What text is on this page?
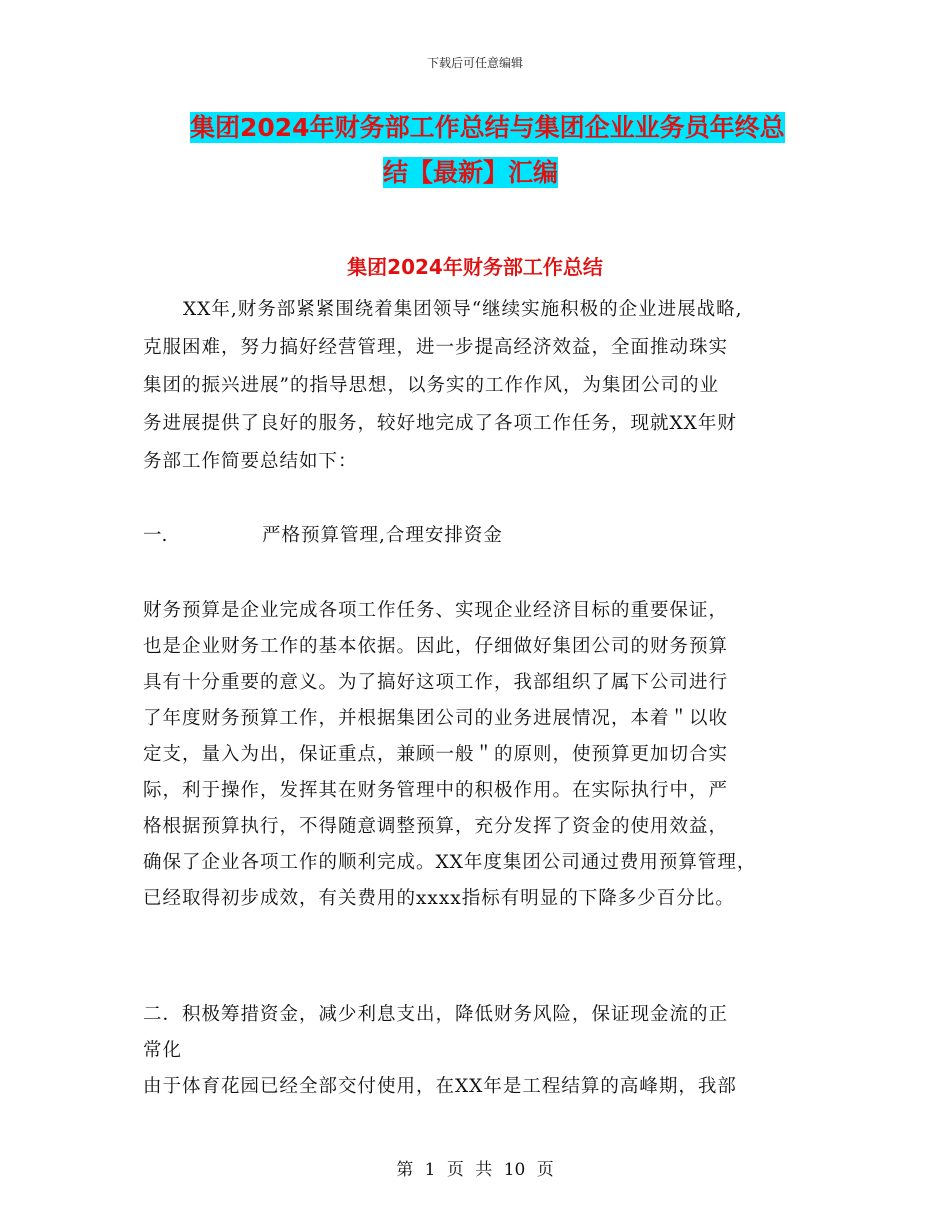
下载后可任意编辑
集团2024年财务部工作总结与集团企业业务员年终总
结【最新】汇编
集团2024年财务部工作总结
XX年,财务部紧紧围绕着集团领导“继续实施积极的企业进展战略,
克服困难，努力搞好经营管理，进一步提高经济效益，全面推动珠实
集团的振兴进展”的指导思想，以务实的工作作风，为集团公司的业
务进展提供了良好的服务，较好地完成了各项工作任务，现就XX年财
务部工作简要总结如下：
一.	严格预算管理,合理安排资金
财务预算是企业完成各项工作任务、实现企业经济目标的重要保证，
也是企业财务工作的基本依据。因此，仔细做好集团公司的财务预算
具有十分重要的意义。为了搞好这项工作，我部组织了属下公司进行
了年度财务预算工作，并根据集团公司的业务进展情况，本着＂以收
定支，量入为出，保证重点，兼顾一般＂的原则，使预算更加切合实
际，利于操作，发挥其在财务管理中的积极作用。在实际执行中，严
格根据预算执行，不得随意调整预算，充分发挥了资金的使用效益，
确保了企业各项工作的顺利完成。XX年度集团公司通过费用预算管理，
已经取得初步成效，有关费用的xxxx指标有明显的下降多少百分比。
二．积极筹措资金，减少利息支出，降低财务风险，保证现金流的正
常化
由于体育花园已经全部交付使用，在XX年是工程结算的高峰期，我部
第 1 页 共 10 页
